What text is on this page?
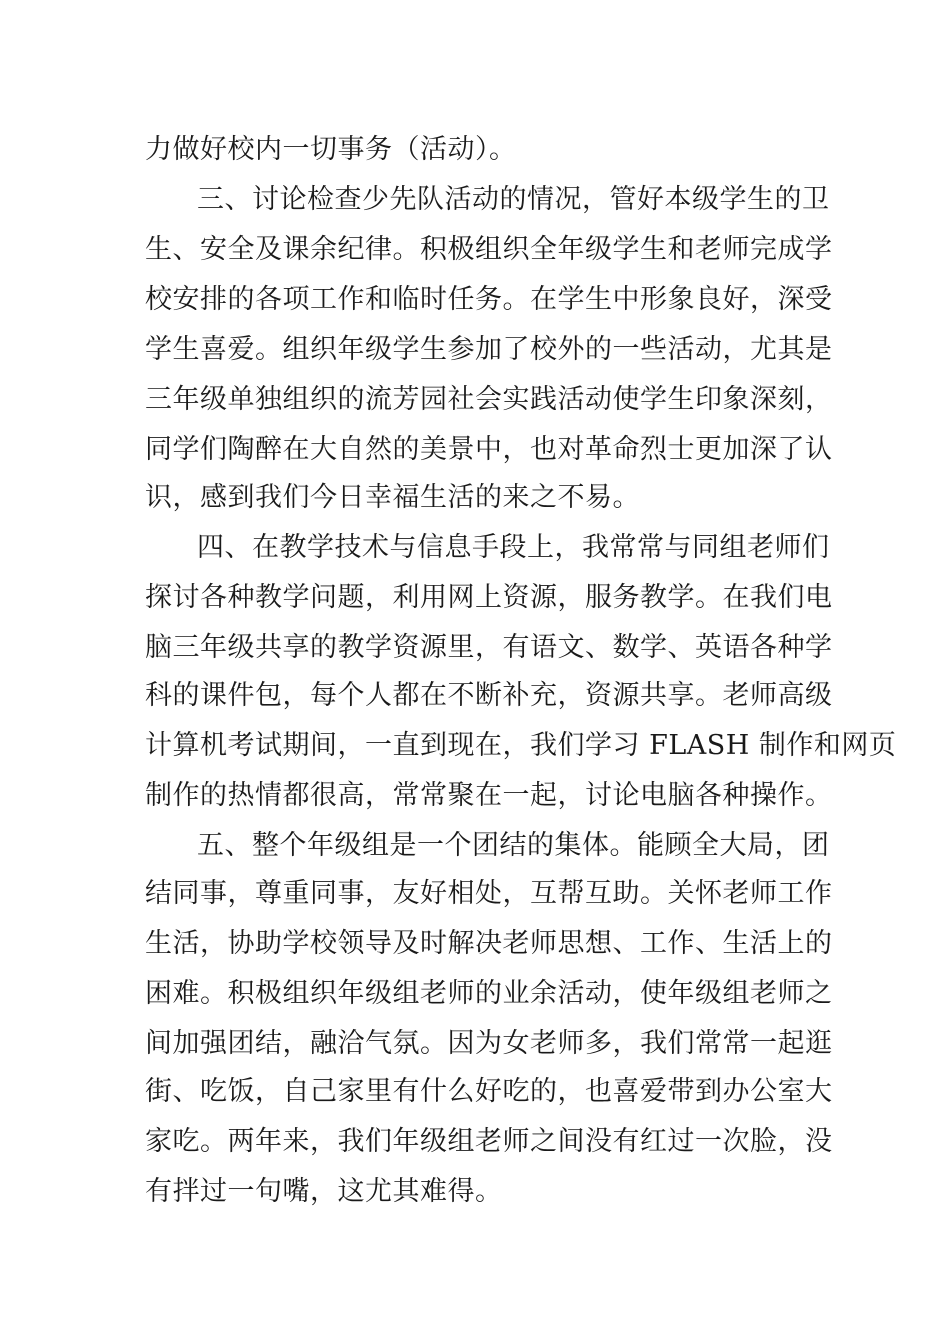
力做好校内一切事务（活动）。
三、讨论检查少先队活动的情况，管好本级学生的卫
生、安全及课余纪律。积极组织全年级学生和老师完成学
校安排的各项工作和临时任务。在学生中形象良好，深受
学生喜爱。组织年级学生参加了校外的一些活动，尤其是
三年级单独组织的流芳园社会实践活动使学生印象深刻，
同学们陶醉在大自然的美景中，也对革命烈士更加深了认
识，感到我们今日幸福生活的来之不易。
四、在教学技术与信息手段上，我常常与同组老师们
探讨各种教学问题，利用网上资源，服务教学。在我们电
脑三年级共享的教学资源里，有语文、数学、英语各种学
科的课件包，每个人都在不断补充，资源共享。老师高级
计算机考试期间，一直到现在，我们学习 FLASH 制作和网页
制作的热情都很高，常常聚在一起，讨论电脑各种操作。
五、整个年级组是一个团结的集体。能顾全大局，团
结同事，尊重同事，友好相处，互帮互助。关怀老师工作
生活，协助学校领导及时解决老师思想、工作、生活上的
困难。积极组织年级组老师的业余活动，使年级组老师之
间加强团结，融洽气氛。因为女老师多，我们常常一起逛
街、吃饭，自己家里有什么好吃的，也喜爱带到办公室大
家吃。两年来，我们年级组老师之间没有红过一次脸，没
有拌过一句嘴，这尤其难得。
